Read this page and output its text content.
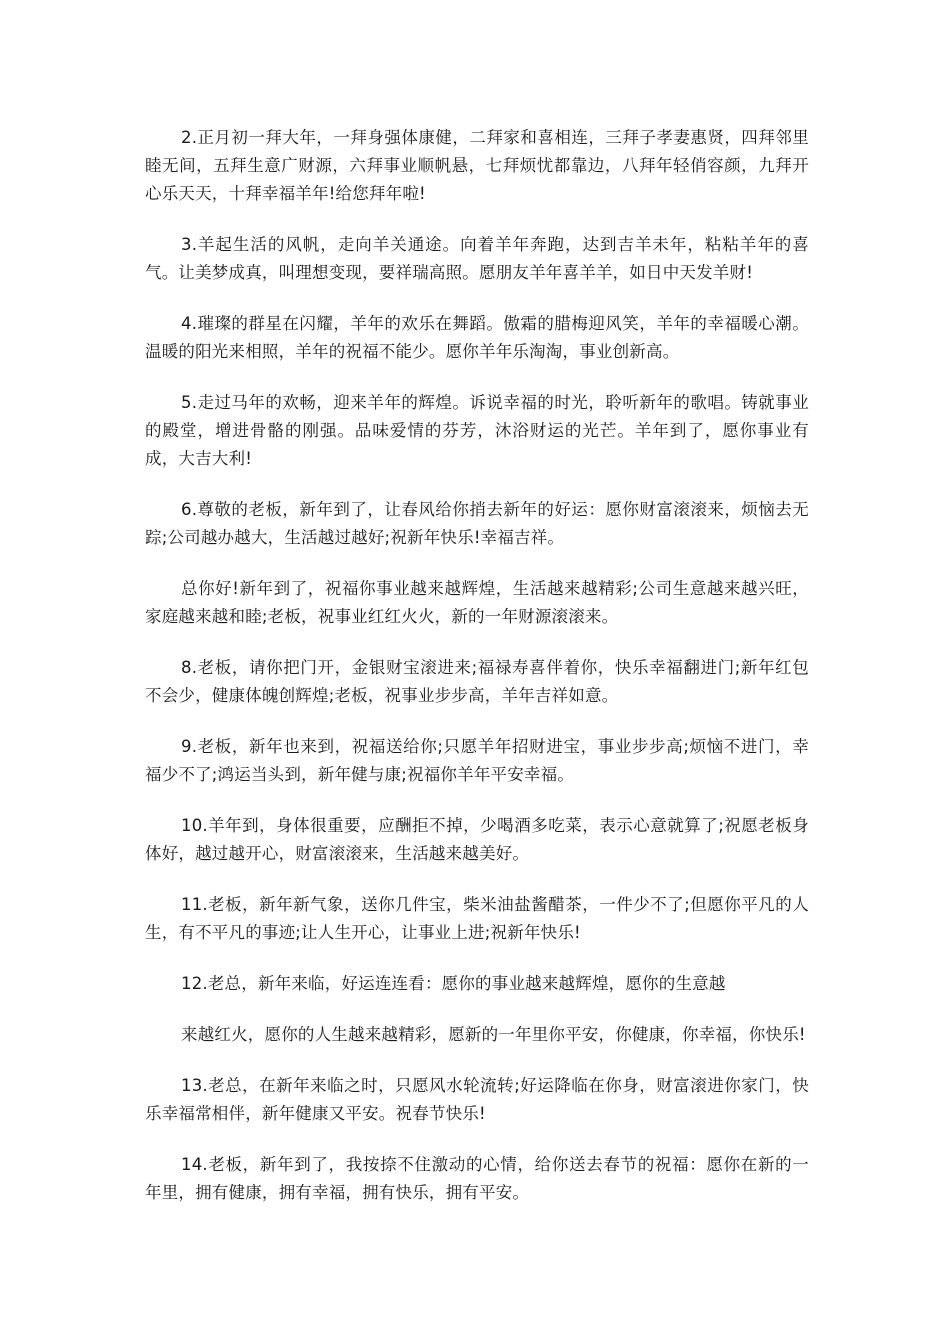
2.正月初一拜大年，一拜身强体康健，二拜家和喜相连，三拜子孝妻惠贤，四拜邻里睦无间，五拜生意广财源，六拜事业顺帆悬，七拜烦忧都靠边，八拜年轻俏容颜，九拜开心乐天天，十拜幸福羊年!给您拜年啦!

3.羊起生活的风帆，走向羊关通途。向着羊年奔跑，达到吉羊未年，粘粘羊年的喜气。让美梦成真，叫理想变现，要祥瑞高照。愿朋友羊年喜羊羊，如日中天发羊财!

4.璀璨的群星在闪耀，羊年的欢乐在舞蹈。傲霜的腊梅迎风笑，羊年的幸福暖心潮。温暖的阳光来相照，羊年的祝福不能少。愿你羊年乐淘淘，事业创新高。

5.走过马年的欢畅，迎来羊年的辉煌。诉说幸福的时光，聆听新年的歌唱。铸就事业的殿堂，增进骨骼的刚强。品味爱情的芬芳，沐浴财运的光芒。羊年到了，愿你事业有成，大吉大利!

6.尊敬的老板，新年到了，让春风给你捎去新年的好运：愿你财富滚滚来，烦恼去无踪;公司越办越大，生活越过越好;祝新年快乐!幸福吉祥。

总你好!新年到了，祝福你事业越来越辉煌，生活越来越精彩;公司生意越来越兴旺，家庭越来越和睦;老板，祝事业红红火火，新的一年财源滚滚来。

8.老板，请你把门开，金银财宝滚进来;福禄寿喜伴着你，快乐幸福翻进门;新年红包不会少，健康体魄创辉煌;老板，祝事业步步高，羊年吉祥如意。

9.老板，新年也来到，祝福送给你;只愿羊年招财进宝，事业步步高;烦恼不进门，幸福少不了;鸿运当头到，新年健与康;祝福你羊年平安幸福。

10.羊年到，身体很重要，应酬拒不掉，少喝酒多吃菜，表示心意就算了;祝愿老板身体好，越过越开心，财富滚滚来，生活越来越美好。

11.老板，新年新气象，送你几件宝，柴米油盐酱醋茶，一件少不了;但愿你平凡的人生，有不平凡的事迹;让人生开心，让事业上进;祝新年快乐!

12.老总，新年来临，好运连连看：愿你的事业越来越辉煌，愿你的生意越

来越红火，愿你的人生越来越精彩，愿新的一年里你平安，你健康，你幸福，你快乐!

13.老总，在新年来临之时，只愿风水轮流转;好运降临在你身，财富滚进你家门，快乐幸福常相伴，新年健康又平安。祝春节快乐!

14.老板，新年到了，我按捺不住激动的心情，给你送去春节的祝福：愿你在新的一年里，拥有健康，拥有幸福，拥有快乐，拥有平安。
